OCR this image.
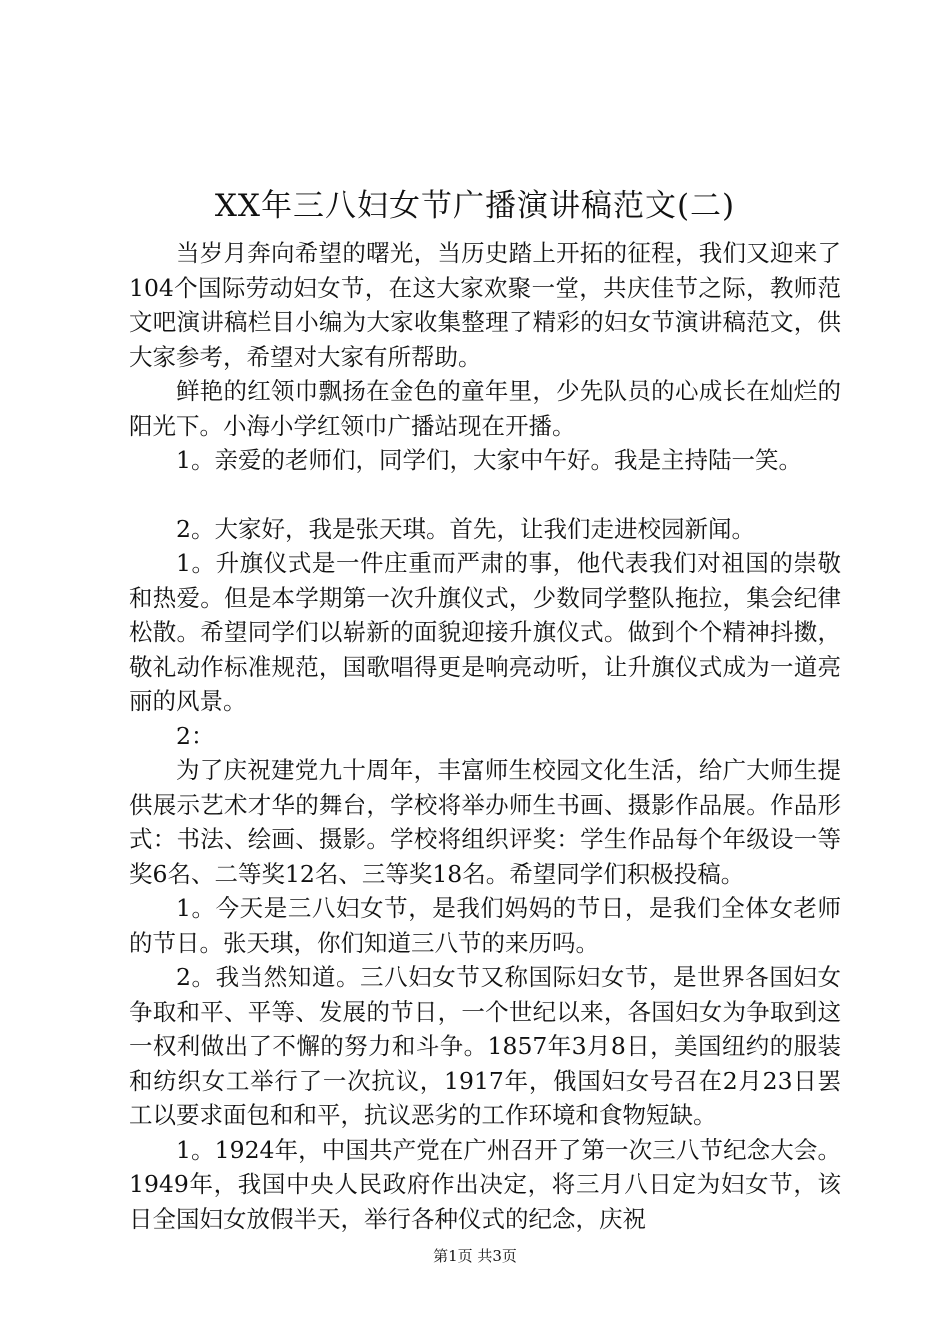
XX年三八妇女节广播演讲稿范文(二)

当岁月奔向希望的曙光，当历史踏上开拓的征程，我们又迎来了104个国际劳动妇女节，在这大家欢聚一堂，共庆佳节之际，教师范文吧演讲稿栏目小编为大家收集整理了精彩的妇女节演讲稿范文，供大家参考，希望对大家有所帮助。

鲜艳的红领巾飘扬在金色的童年里，少先队员的心成长在灿烂的阳光下。小海小学红领巾广播站现在开播。

1。亲爱的老师们，同学们，大家中午好。我是主持陆一笑。

2。大家好，我是张天琪。首先，让我们走进校园新闻。

1。升旗仪式是一件庄重而严肃的事，他代表我们对祖国的崇敬和热爱。但是本学期第一次升旗仪式，少数同学整队拖拉，集会纪律松散。希望同学们以崭新的面貌迎接升旗仪式。做到个个精神抖擞，敬礼动作标准规范，国歌唱得更是响亮动听，让升旗仪式成为一道亮丽的风景。

2：

为了庆祝建党九十周年，丰富师生校园文化生活，给广大师生提供展示艺术才华的舞台，学校将举办师生书画、摄影作品展。作品形式：书法、绘画、摄影。学校将组织评奖：学生作品每个年级设一等奖6名、二等奖12名、三等奖18名。希望同学们积极投稿。

1。今天是三八妇女节，是我们妈妈的节日，是我们全体女老师的节日。张天琪，你们知道三八节的来历吗。

2。我当然知道。三八妇女节又称国际妇女节，是世界各国妇女争取和平、平等、发展的节日，一个世纪以来，各国妇女为争取到这一权利做出了不懈的努力和斗争。1857年3月8日，美国纽约的服装和纺织女工举行了一次抗议，1917年，俄国妇女号召在2月23日罢工以要求面包和和平，抗议恶劣的工作环境和食物短缺。

1。1924年，中国共产党在广州召开了第一次三八节纪念大会。1949年，我国中央人民政府作出决定，将三月八日定为妇女节，该日全国妇女放假半天，举行各种仪式的纪念，庆祝

第1页 共3页
